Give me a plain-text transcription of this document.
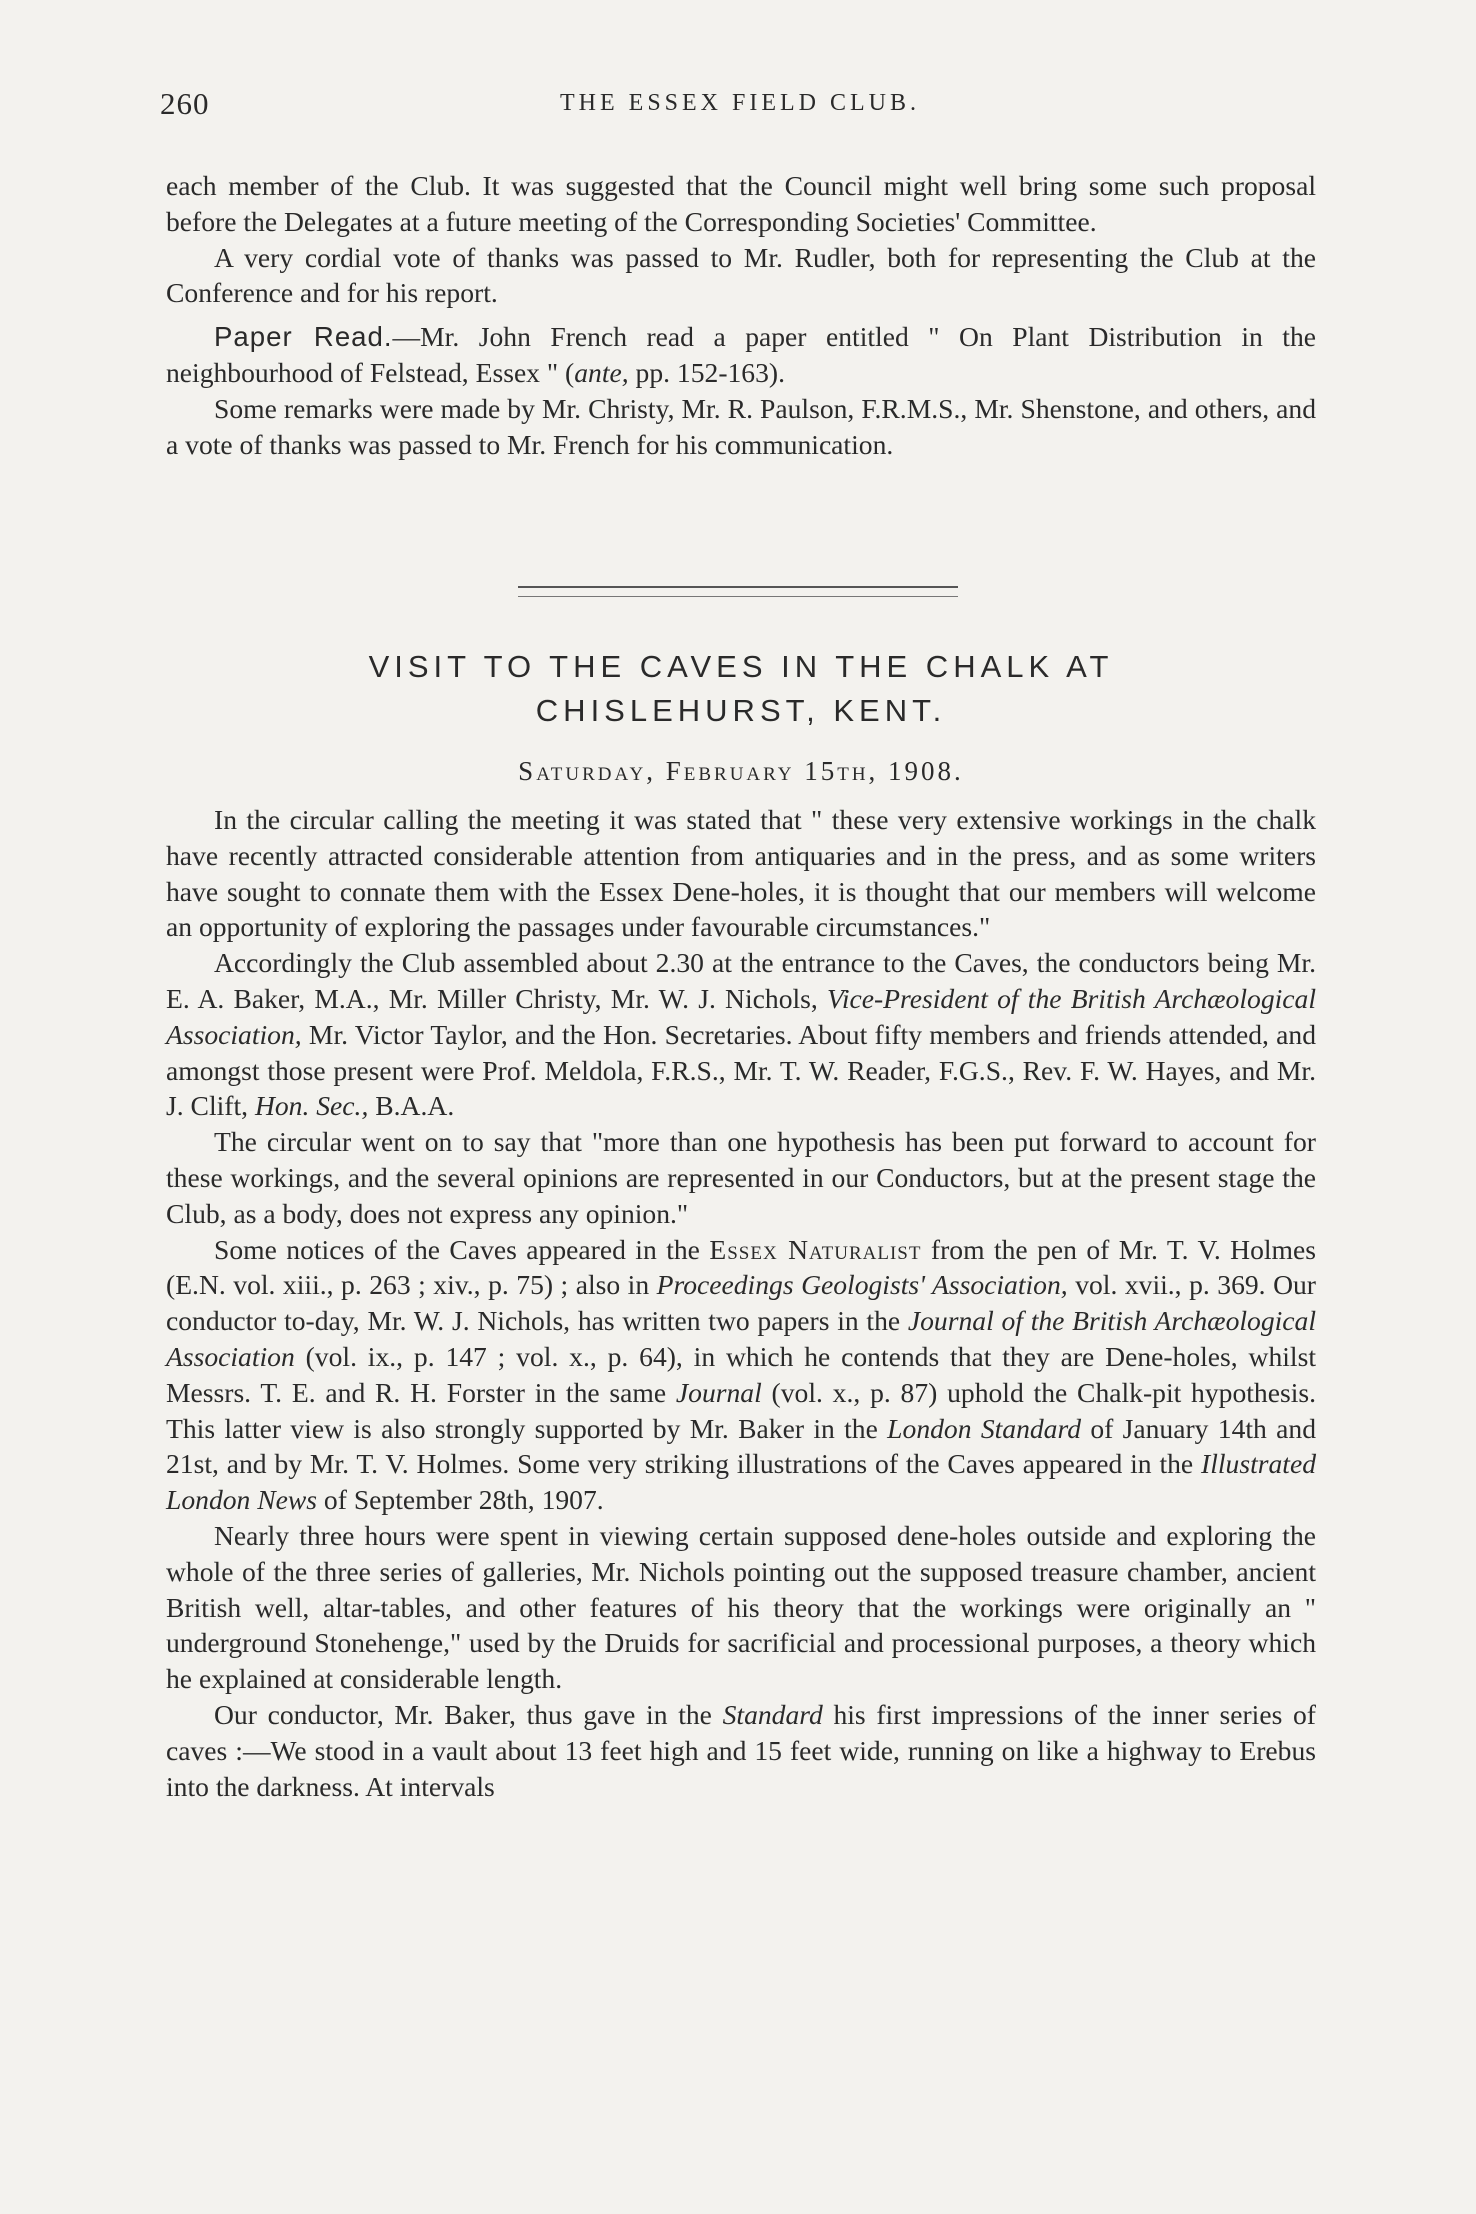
260	THE ESSEX FIELD CLUB.

each member of the Club. It was suggested that the Council might well bring some such proposal before the Delegates at a future meeting of the Corresponding Societies' Committee.

A very cordial vote of thanks was passed to Mr. Rudler, both for representing the Club at the Conference and for his report.

Paper Read.—Mr. John French read a paper entitled " On Plant Distribution in the neighbourhood of Felstead, Essex " (ante, pp. 152-163).

Some remarks were made by Mr. Christy, Mr. R. Paulson, F.R.M.S., Mr. Shenstone, and others, and a vote of thanks was passed to Mr. French for his communication.

VISIT TO THE CAVES IN THE CHALK AT
CHISLEHURST, KENT.
Saturday, February 15th, 1908.

In the circular calling the meeting it was stated that " these very extensive workings in the chalk have recently attracted considerable attention from antiquaries and in the press, and as some writers have sought to connate them with the Essex Dene-holes, it is thought that our members will welcome an opportunity of exploring the passages under favourable circumstances."

Accordingly the Club assembled about 2.30 at the entrance to the Caves, the conductors being Mr. E. A. Baker, M.A., Mr. Miller Christy, Mr. W. J. Nichols, Vice-President of the British Archæological Association, Mr. Victor Taylor, and the Hon. Secretaries. About fifty members and friends attended, and amongst those present were Prof. Meldola, F.R.S., Mr. T. W. Reader, F.G.S., Rev. F. W. Hayes, and Mr. J. Clift, Hon. Sec., B.A.A.

The circular went on to say that "more than one hypothesis has been put forward to account for these workings, and the several opinions are represented in our Conductors, but at the present stage the Club, as a body, does not express any opinion."

Some notices of the Caves appeared in the Essex Naturalist from the pen of Mr. T. V. Holmes (E.N. vol. xiii., p. 263 ; xiv., p. 75) ; also in Proceedings Geologists' Association, vol. xvii., p. 369. Our conductor to-day, Mr. W. J. Nichols, has written two papers in the Journal of the British Archæological Association (vol. ix., p. 147 ; vol. x., p. 64), in which he contends that they are Dene-holes, whilst Messrs. T. E. and R. H. Forster in the same Journal (vol. x., p. 87) uphold the Chalk-pit hypothesis. This latter view is also strongly supported by Mr. Baker in the London Standard of January 14th and 21st, and by Mr. T. V. Holmes. Some very striking illustrations of the Caves appeared in the Illustrated London News of September 28th, 1907.

Nearly three hours were spent in viewing certain supposed dene-holes outside and exploring the whole of the three series of galleries, Mr. Nichols pointing out the supposed treasure chamber, ancient British well, altar-tables, and other features of his theory that the workings were originally an " underground Stonehenge," used by the Druids for sacrificial and processional purposes, a theory which he explained at considerable length.

Our conductor, Mr. Baker, thus gave in the Standard his first impressions of the inner series of caves :—We stood in a vault about 13 feet high and 15 feet wide, running on like a highway to Erebus into the darkness. At intervals
